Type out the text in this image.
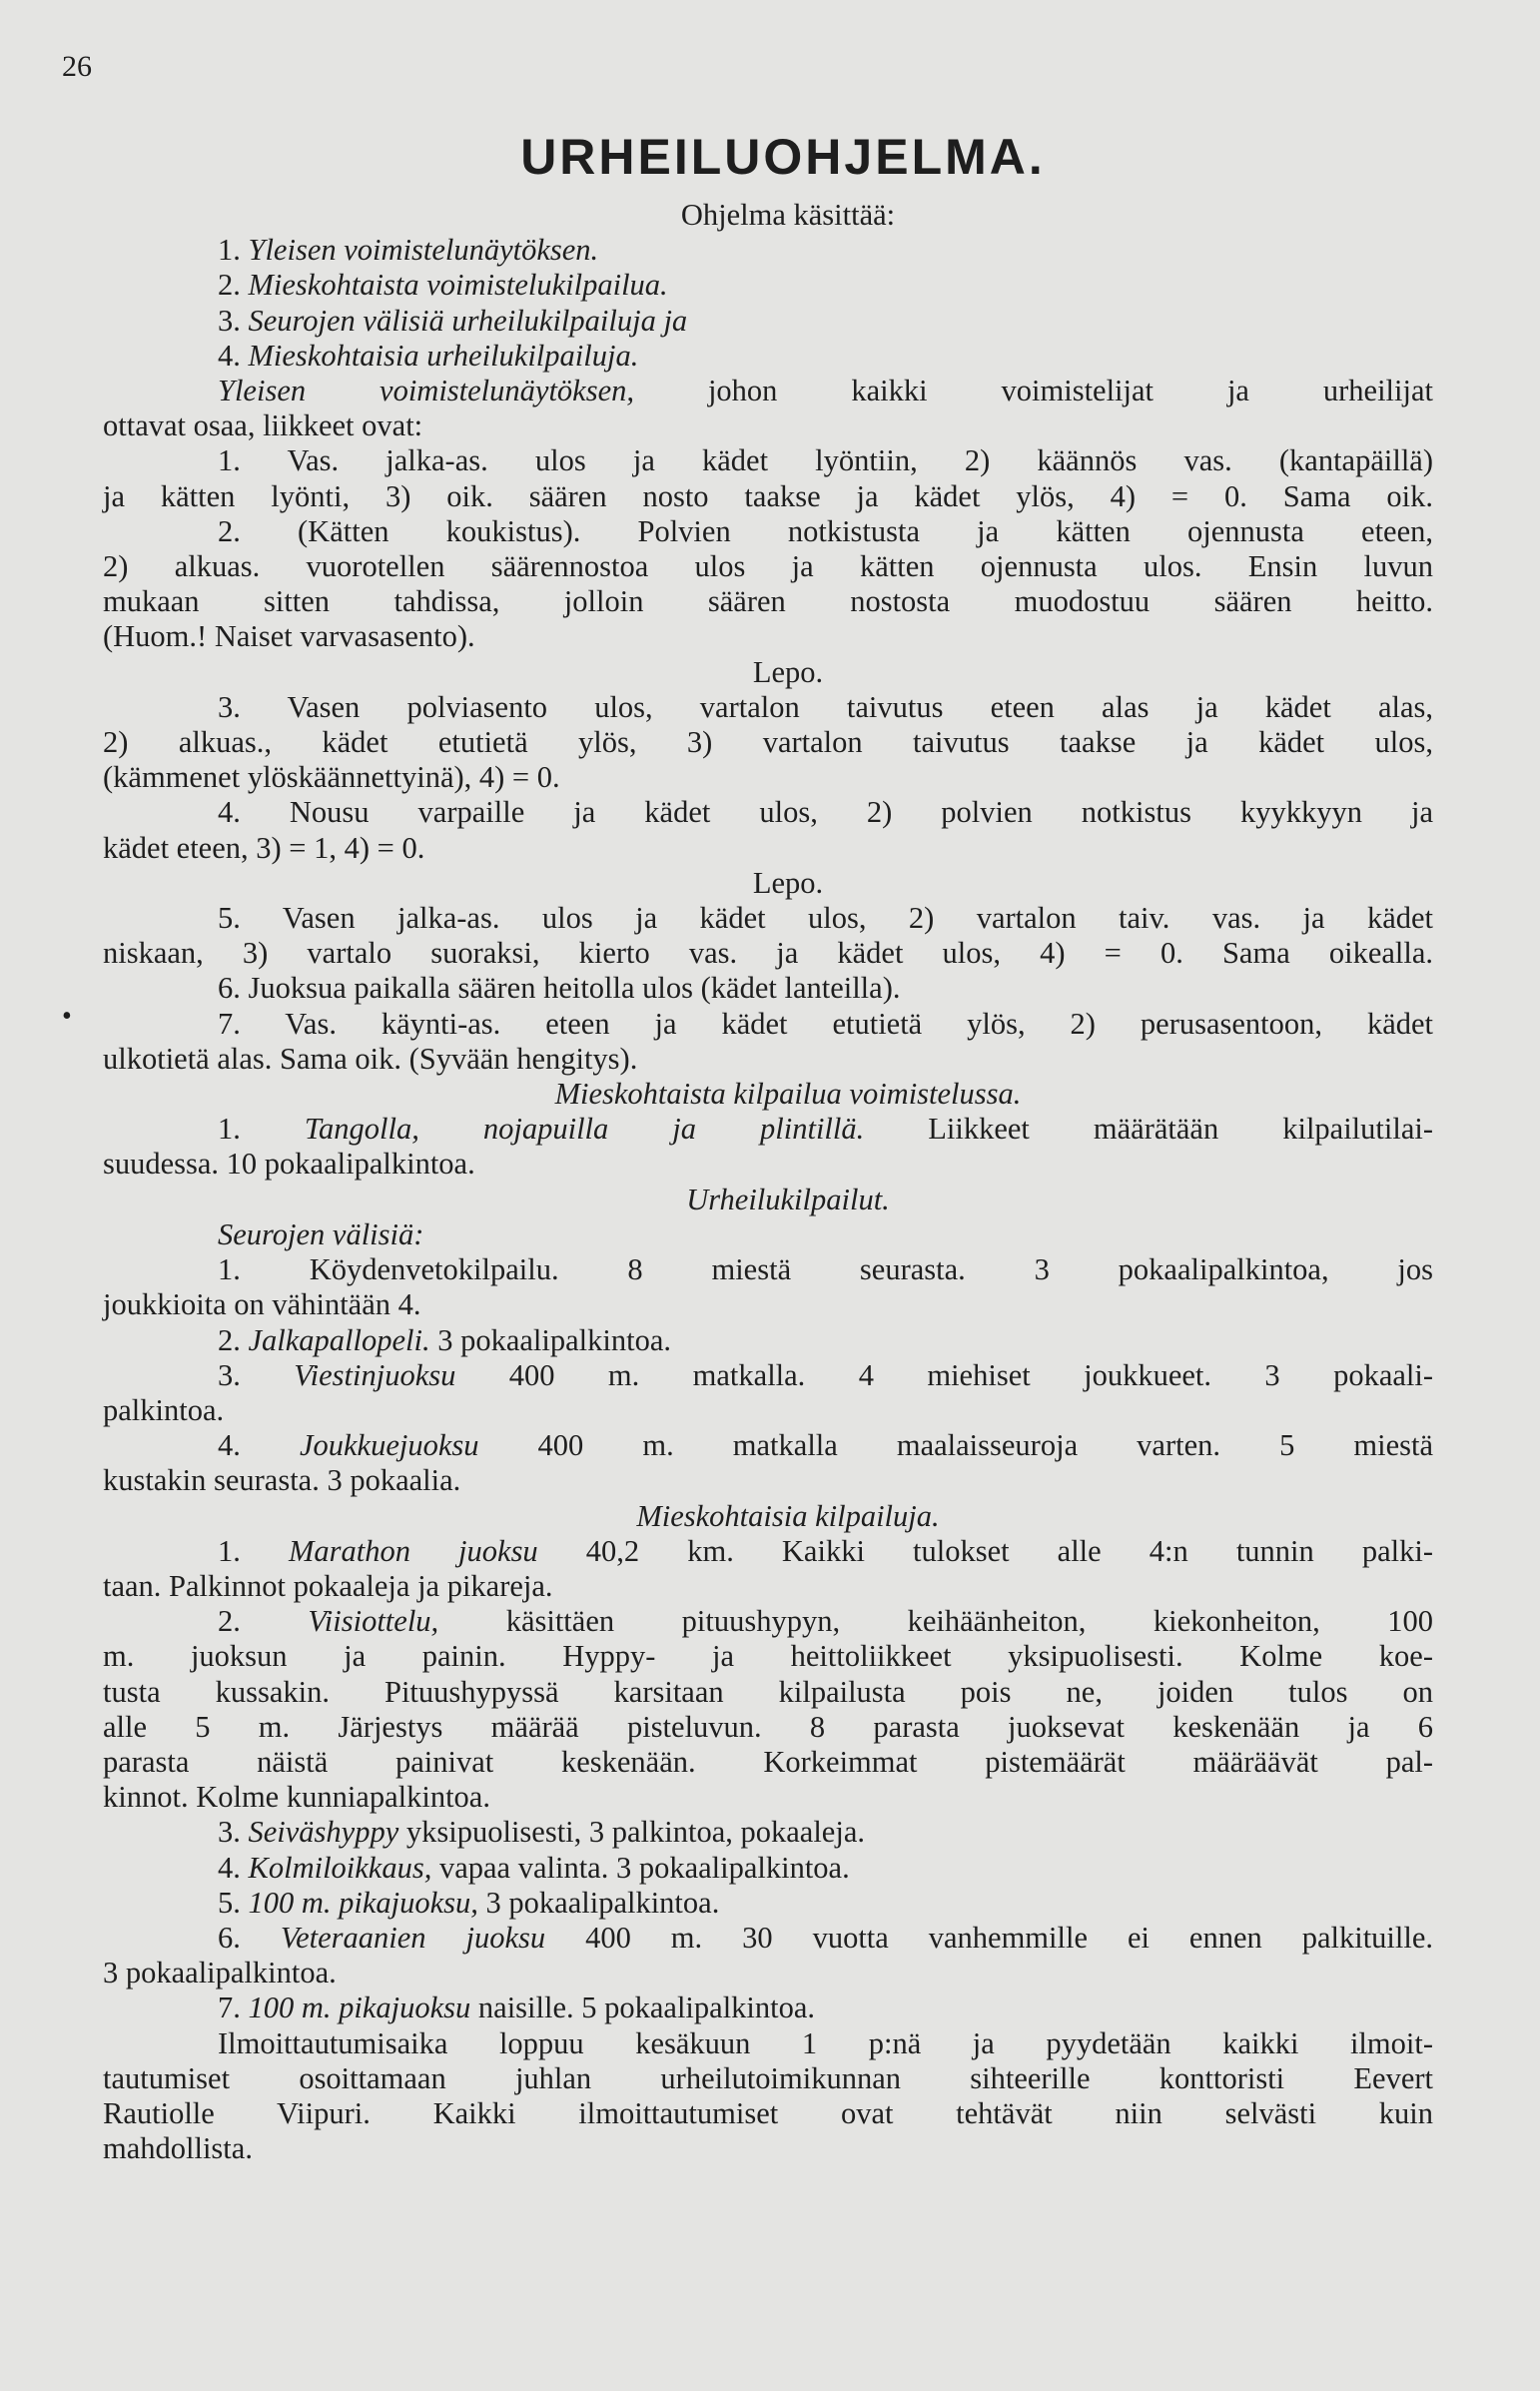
26
•
URHEILUOHJELMA.
Ohjelma käsittää:
1. Yleisen voimistelunäytöksen.
2. Mieskohtaista voimistelukilpailua.
3. Seurojen välisiä urheilukilpailuja ja
4. Mieskohtaisia urheilukilpailuja.
Yleisen voimistelunäytöksen, johon kaikki voimistelijat ja urheilijat
ottavat osaa, liikkeet ovat:
1. Vas. jalka-as. ulos ja kädet lyöntiin, 2) käännös vas. (kantapäillä)
ja kätten lyönti, 3) oik. säären nosto taakse ja kädet ylös, 4) = 0. Sama oik.
2. (Kätten koukistus). Polvien notkistusta ja kätten ojennusta eteen,
2) alkuas. vuorotellen säärennostoa ulos ja kätten ojennusta ulos. Ensin luvun
mukaan sitten tahdissa, jolloin säären nostosta muodostuu säären heitto.
(Huom.! Naiset varvasasento).
Lepo.
3. Vasen polviasento ulos, vartalon taivutus eteen alas ja kädet alas,
2) alkuas., kädet etutietä ylös, 3) vartalon taivutus taakse ja kädet ulos,
(kämmenet ylöskäännettyinä), 4) = 0.
4. Nousu varpaille ja kädet ulos, 2) polvien notkistus kyykkyyn ja
kädet eteen, 3) = 1, 4) = 0.
Lepo.
5. Vasen jalka-as. ulos ja kädet ulos, 2) vartalon taiv. vas. ja kädet
niskaan, 3) vartalo suoraksi, kierto vas. ja kädet ulos, 4) = 0. Sama oikealla.
6. Juoksua paikalla säären heitolla ulos (kädet lanteilla).
7. Vas. käynti-as. eteen ja kädet etutietä ylös, 2) perusasentoon, kädet
ulkotietä alas. Sama oik. (Syvään hengitys).
Mieskohtaista kilpailua voimistelussa.
1. Tangolla, nojapuilla ja plintillä. Liikkeet määrätään kilpailutilai-
suudessa. 10 pokaalipalkintoa.
Urheilukilpailut.
Seurojen välisiä:
1. Köydenvetokilpailu. 8 miestä seurasta. 3 pokaalipalkintoa, jos
joukkioita on vähintään 4.
2. Jalkapallopeli. 3 pokaalipalkintoa.
3. Viestinjuoksu 400 m. matkalla. 4 miehiset joukkueet. 3 pokaali-
palkintoa.
4. Joukkuejuoksu 400 m. matkalla maalaisseuroja varten. 5 miestä
kustakin seurasta. 3 pokaalia.
Mieskohtaisia kilpailuja.
1. Marathon juoksu 40,2 km. Kaikki tulokset alle 4:n tunnin palki-
taan. Palkinnot pokaaleja ja pikareja.
2. Viisiottelu, käsittäen pituushypyn, keihäänheiton, kiekonheiton, 100
m. juoksun ja painin. Hyppy- ja heittoliikkeet yksipuolisesti. Kolme koe-
tusta kussakin. Pituushypyssä karsitaan kilpailusta pois ne, joiden tulos on
alle 5 m. Järjestys määrää pisteluvun. 8 parasta juoksevat keskenään ja 6
parasta näistä painivat keskenään. Korkeimmat pistemäärät määräävät pal-
kinnot. Kolme kunniapalkintoa.
3. Seiväshyppy yksipuolisesti, 3 palkintoa, pokaaleja.
4. Kolmiloikkaus, vapaa valinta. 3 pokaalipalkintoa.
5. 100 m. pikajuoksu, 3 pokaalipalkintoa.
6. Veteraanien juoksu 400 m. 30 vuotta vanhemmille ei ennen palkituille.
3 pokaalipalkintoa.
7. 100 m. pikajuoksu naisille. 5 pokaalipalkintoa.
Ilmoittautumisaika loppuu kesäkuun 1 p:nä ja pyydetään kaikki ilmoit-
tautumiset osoittamaan juhlan urheilutoimikunnan sihteerille konttoristi Eevert
Rautiolle Viipuri. Kaikki ilmoittautumiset ovat tehtävät niin selvästi kuin
mahdollista.
